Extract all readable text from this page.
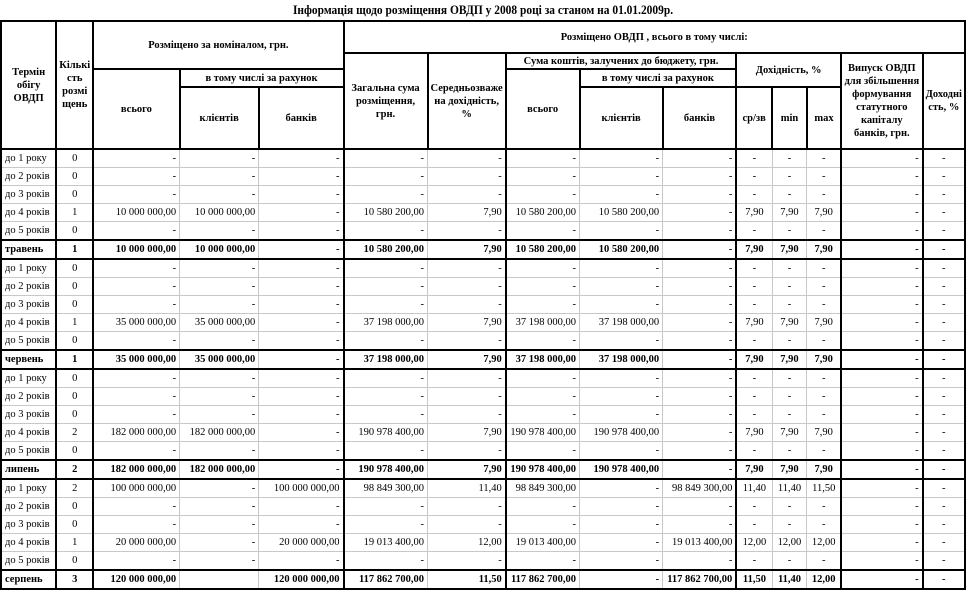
Інформація щодо розміщення ОВДП у 2008 році за станом на 01.01.2009р.
Термін обігу ОВДП	Кількі сть розмі щень	Розміщено за номіналом, грн.			Розміщено ОВДП , всього в тому числі:									
					Загальна сума розміщення, грн.	Середньозваже на дохідність, %	Сума коштів, залучених до бюджету, грн.			Дохідність, %			Випуск ОВДП для збільшення формування статутного капіталу банків, грн.	Доходні сть, %
		всього	в тому числі за рахунок				всього	в тому числі за рахунок						
			клієнтів	банків				клієнтів	банків	ср/зв	min	max		
до 1 року	0	-	-	-	-	-	-	-	-	-	-	-	-	-
до 2 років	0	-	-	-	-	-	-	-	-	-	-	-	-	-
до 3 років	0	-	-	-	-	-	-	-	-	-	-	-	-	-
до 4 років	1	10 000 000,00	10 000 000,00	-	10 580 200,00	7,90	10 580 200,00	10 580 200,00	-	7,90	7,90	7,90	-	-
до 5 років	0	-	-	-	-	-	-	-	-	-	-	-	-	-
травень	1	10 000 000,00	10 000 000,00	-	10 580 200,00	7,90	10 580 200,00	10 580 200,00	-	7,90	7,90	7,90	-	-
до 1 року	0	-	-	-	-	-	-	-	-	-	-	-	-	-
до 2 років	0	-	-	-	-	-	-	-	-	-	-	-	-	-
до 3 років	0	-	-	-	-	-	-	-	-	-	-	-	-	-
до 4 років	1	35 000 000,00	35 000 000,00	-	37 198 000,00	7,90	37 198 000,00	37 198 000,00	-	7,90	7,90	7,90	-	-
до 5 років	0	-	-	-	-	-	-	-	-	-	-	-	-	-
червень	1	35 000 000,00	35 000 000,00	-	37 198 000,00	7,90	37 198 000,00	37 198 000,00	-	7,90	7,90	7,90	-	-
до 1 року	0	-	-	-	-	-	-	-	-	-	-	-	-	-
до 2 років	0	-	-	-	-	-	-	-	-	-	-	-	-	-
до 3 років	0	-	-	-	-	-	-	-	-	-	-	-	-	-
до 4 років	2	182 000 000,00	182 000 000,00	-	190 978 400,00	7,90	190 978 400,00	190 978 400,00	-	7,90	7,90	7,90	-	-
до 5 років	0	-	-	-	-	-	-	-	-	-	-	-	-	-
липень	2	182 000 000,00	182 000 000,00	-	190 978 400,00	7,90	190 978 400,00	190 978 400,00	-	7,90	7,90	7,90	-	-
до 1 року	2	100 000 000,00	-	100 000 000,00	98 849 300,00	11,40	98 849 300,00	-	98 849 300,00	11,40	11,40	11,50	-	-
до 2 років	0	-	-	-	-	-	-	-	-	-	-	-	-	-
до 3 років	0	-	-	-	-	-	-	-	-	-	-	-	-	-
до 4 років	1	20 000 000,00	-	20 000 000,00	19 013 400,00	12,00	19 013 400,00	-	19 013 400,00	12,00	12,00	12,00	-	-
до 5 років	0	-	-	-	-	-	-	-	-	-	-	-	-	-
серпень	3	120 000 000,00		120 000 000,00	117 862 700,00	11,50	117 862 700,00	-	117 862 700,00	11,50	11,40	12,00	-	-
